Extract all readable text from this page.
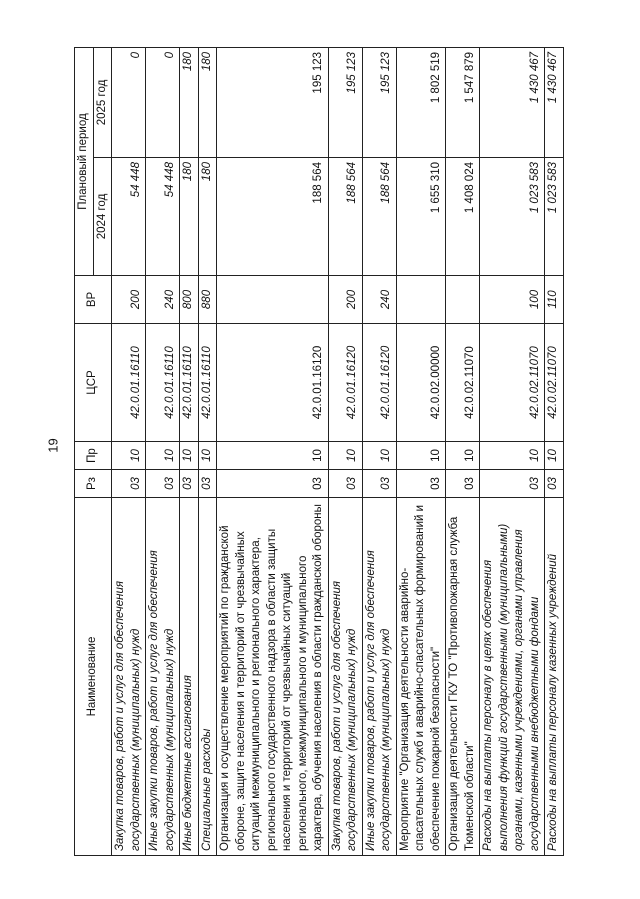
19
Наименование	Рз	Пр	ЦСР	ВР	Плановый период	
					2024 год	2025 год
Закупка товаров, работ и услуг для обеспечения государственных (муниципальных) нужд	03	10	42.0.01.16110	200	54 448	0
Иные закупки товаров, работ и услуг для обеспечения государственных (муниципальных) нужд	03	10	42.0.01.16110	240	54 448	0
Иные бюджетные ассигнования	03	10	42.0.01.16110	800	180	180
Специальные расходы	03	10	42.0.01.16110	880	180	180
Организация и осуществление мероприятий по гражданской обороне, защите населения и территорий от чрезвычайных ситуаций межмуниципального и регионального характера, регионального государственного надзора в области защиты населения и территорий от чрезвычайных ситуаций регионального, межмуниципального и муниципального характера, обучения населения в области гражданской обороны	03	10	42.0.01.16120		188 564	195 123
Закупка товаров, работ и услуг для обеспечения государственных (муниципальных) нужд	03	10	42.0.01.16120	200	188 564	195 123
Иные закупки товаров, работ и услуг для обеспечения государственных (муниципальных) нужд	03	10	42.0.01.16120	240	188 564	195 123
Мероприятие "Организация деятельности аварийно-спасательных служб и аварийно-спасательных формирований и обеспечение пожарной безопасности"	03	10	42.0.02.00000		1 655 310	1 802 519
Организация деятельности ГКУ ТО "Противопожарная служба Тюменской области"	03	10	42.0.02.11070		1 408 024	1 547 879
Расходы на выплаты персоналу в целях обеспечения выполнения функций государственными (муниципальными) органами, казенными учреждениями, органами управления государственными внебюджетными фондами	03	10	42.0.02.11070	100	1 023 583	1 430 467
Расходы на выплаты персоналу казенных учреждений	03	10	42.0.02.11070	110	1 023 583	1 430 467
